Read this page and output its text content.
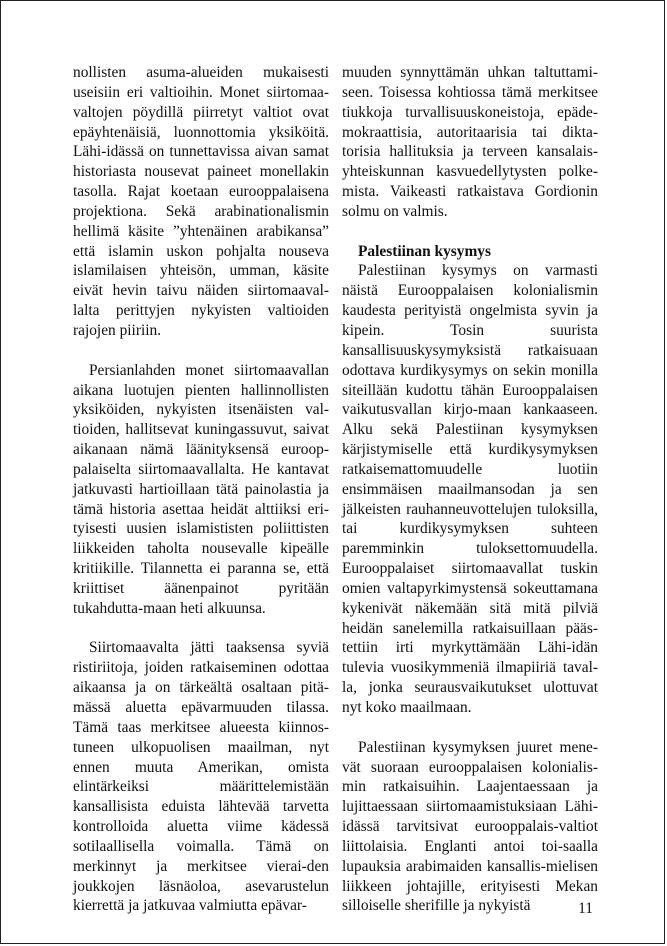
nollisten asuma-alueiden mukaisesti useisiin eri valtioihin. Monet siirtomaa-valtojen pöydillä piirretyt valtiot ovat epäyhtenäisiä, luonnottomia yksiköitä. Lähi-idässä on tunnettavissa aivan samat historiasta nousevat paineet monellakin tasolla. Rajat koetaan eurooppalaisena projektiona. Sekä arabinationalismin hellimä käsite ”yhtenäinen arabikansa” että islamin uskon pohjalta nouseva islamilaisen yhteisön, umman, käsite eivät hevin taivu näiden siirtomaaval-lalta perittyjen nykyisten valtioiden rajojen piiriin.

Persianlahden monet siirtomaavallan aikana luotujen pienten hallinnollisten yksiköiden, nykyisten itsenäisten val-tioiden, hallitsevat kuningassuvut, saivat aikanaan nämä läänityksensä euroop-palaiselta siirtomaavallalta. He kantavat jatkuvasti hartioillaan tätä painolastia ja tämä historia asettaa heidät alttiiksi eri-tyisesti uusien islamististen poliittisten liikkeiden taholta nousevalle kipeälle kritiikille. Tilannetta ei paranna se, että kriittiset äänenpainot pyritään tukahdutta-maan heti alkuunsa.

Siirtomaavalta jätti taaksensa syviä ristiriitoja, joiden ratkaiseminen odottaa aikaansa ja on tärkeältä osaltaan pitä-mässä aluetta epävarmuuden tilassa. Tämä taas merkitsee alueesta kiinnos-tuneen ulkopuolisen maailman, nyt ennen muuta Amerikan, omista elintärkeiksi määrittelemistään kansallisista eduista lähtevää tarvetta kontrolloida aluetta viime kädessä sotilaallisella voimalla. Tämä on merkinnyt ja merkitsee vierai-den joukkojen läsnäoloa, asevarustelun kierrettä ja jatkuvaa valmiutta epävar-

muuden synnyttämän uhkan taltuttami-seen. Toisessa kohtiossa tämä merkitsee tiukkoja turvallisuuskoneistoja, epäde-mokraattisia, autoritaarisia tai dikta-torisia hallituksia ja terveen kansalais-yhteiskunnan kasvuedellytysten polke-mista. Vaikeasti ratkaistava Gordionin solmu on valmis.

Palestiinan kysymys

Palestiinan kysymys on varmasti näistä Eurooppalaisen kolonialismin kaudesta perityistä ongelmista syvin ja kipein. Tosin suurista kansallisuuskysymyksistä ratkaisuaan odottava kurdikysymys on sekin monilla siteillään kudottu tähän Eurooppalaisen vaikutusvallan kirjo-maan kankaaseen. Alku sekä Palestiinan kysymyksen kärjistymiselle että kurdikysymyksen ratkaisemattomuudelle luotiin ensimmäisen maailmansodan ja sen jälkeisten rauhanneuvottelujen tuloksilla, tai kurdikysymyksen suhteen paremminkin tuloksettomuudella. Eurooppalaiset siirtomaavallat tuskin omien valtapyrkimystensä sokeuttamana kykenivät näkemään sitä mitä pilviä heidän sanelemilla ratkaisuillaan pääs-tettiin irti myrkyttämään Lähi-idän tulevia vuosikymmeniä ilmapiiriä taval-la, jonka seurausvaikutukset ulottuvat nyt koko maailmaan.

Palestiinan kysymyksen juuret mene-vät suoraan eurooppalaisen kolonialis-min ratkaisuihin. Laajentaessaan ja lujittaessaan siirtomaamistuksiaan Lähi-idässä tarvitsivat eurooppalais-valtiot liittolaisia. Englanti antoi toi-saalla lupauksia arabimaiden kansallis-mielisen liikkeen johtajille, erityisesti Mekan silloiselle sherifille ja nykyistä	11
